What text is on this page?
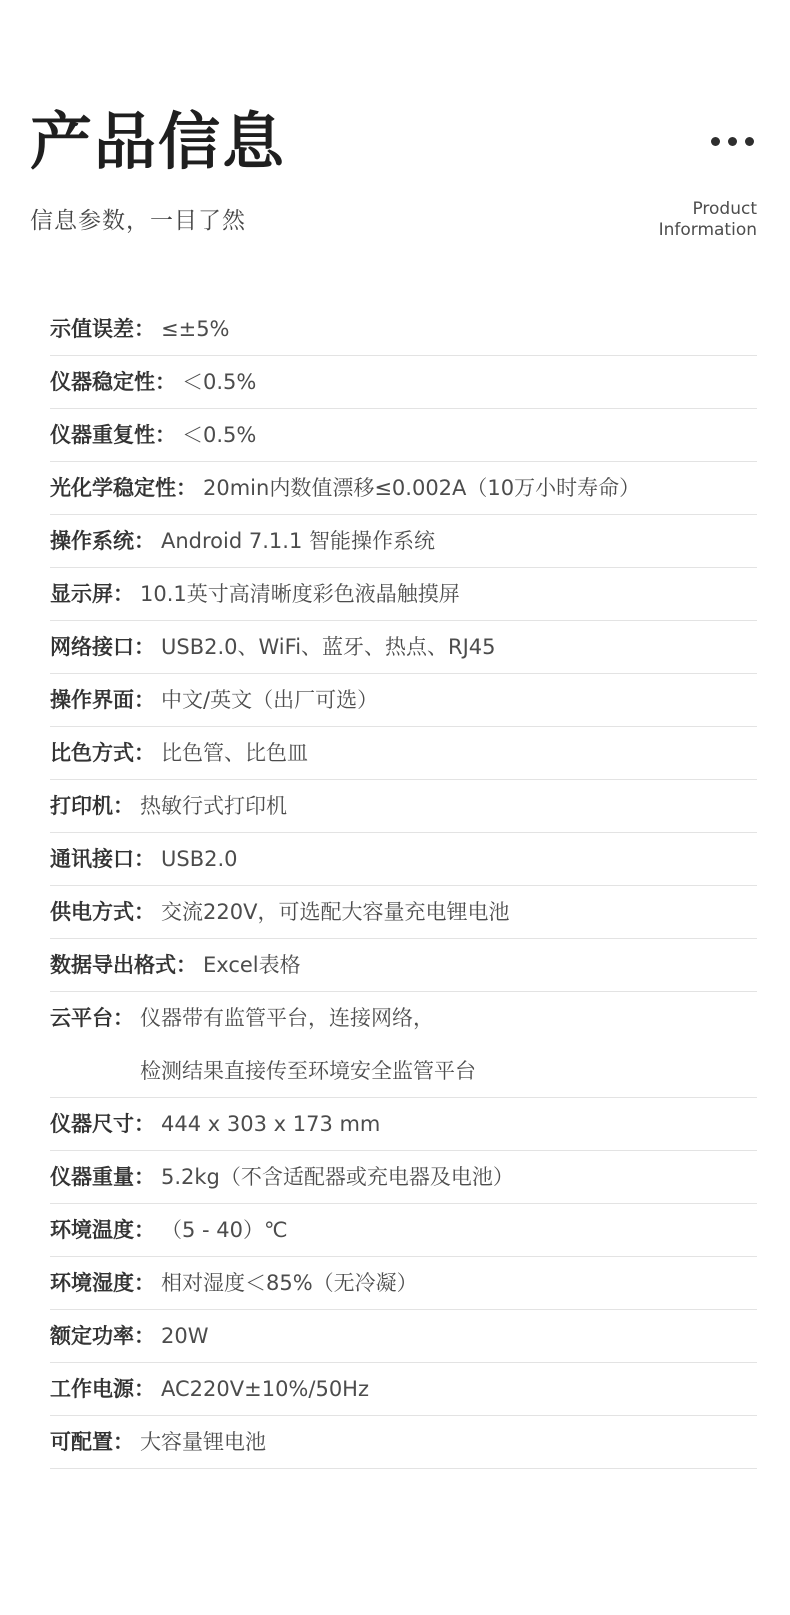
产品信息
信息参数，一目了然	Product
Information
示值误差： ≤±5%
仪器稳定性： ＜0.5%
仪器重复性： ＜0.5%
光化学稳定性： 20min内数值漂移≤0.002A（10万小时寿命）
操作系统： Android 7.1.1 智能操作系统
显示屏： 10.1英寸高清晰度彩色液晶触摸屏
网络接口： USB2.0、WiFi、蓝牙、热点、RJ45
操作界面： 中文/英文（出厂可选）
比色方式： 比色管、比色皿
打印机： 热敏行式打印机
通讯接口： USB2.0
供电方式： 交流220V，可选配大容量充电锂电池
数据导出格式： Excel表格
云平台： 仪器带有监管平台，连接网络，
检测结果直接传至环境安全监管平台
仪器尺寸： 444 x 303 x 173 mm
仪器重量： 5.2kg（不含适配器或充电器及电池）
环境温度： （5 - 40）℃
环境湿度： 相对湿度＜85%（无冷凝）
额定功率： 20W
工作电源： AC220V±10%/50Hz
可配置： 大容量锂电池
